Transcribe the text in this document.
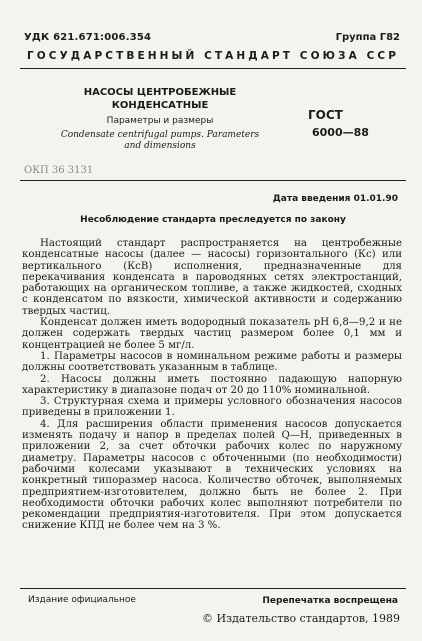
УДК 621.671:006.354	Группа Г82
ГОСУДАРСТВЕННЫЙ СТАНДАРТ СОЮЗА ССР
НАСОСЫ ЦЕНТРОБЕЖНЫЕ
КОНДЕНСАТНЫЕ
Параметры и размеры
Condensate centrifugal pumps. Parameters and dimensions
ГОСТ
6000—88
ОКП 36 3131
Дата введения 01.01.90
Несоблюдение стандарта преследуется по закону

Настоящий стандарт распространяется на центробежные конденсатные насосы (далее — насосы) горизонтального (Кс) или вертикального (КсВ) исполнения, предназначенные для перекачивания конденсата в пароводяных сетях электростанций, работающих на органическом топливе, а также жидкостей, сходных с конденсатом по вязкости, химической активности и содержанию твердых частиц.

Конденсат должен иметь водородный показатель pH 6,8—9,2 и не должен содержать твердых частиц размером более 0,1 мм и концентрацией не более 5 мг/л.

1. Параметры насосов в номинальном режиме работы и размеры должны соответствовать указанным в таблице.

2. Насосы должны иметь постоянно падающую напорную характеристику в диапазоне подач от 20 до 110% номинальной.

3. Структурная схема и примеры условного обозначения насосов приведены в приложении 1.

4. Для расширения области применения насосов допускается изменять подачу и напор в пределах полей Q—H, приведенных в приложении 2, за счет обточки рабочих колес по наружному диаметру. Параметры насосов с обточенными (по необходимости) рабочими колесами указывают в технических условиях на конкретный типоразмер насоса. Количество обточек, выполняемых предприятием-изготовителем, должно быть не более 2. При необходимости обточки рабочих колес выполняют потребители по рекомендации предприятия-изготовителя. При этом допускается снижение КПД не более чем на 3 %.

Издание официальное	Перепечатка воспрещена
© Издательство стандартов, 1989
